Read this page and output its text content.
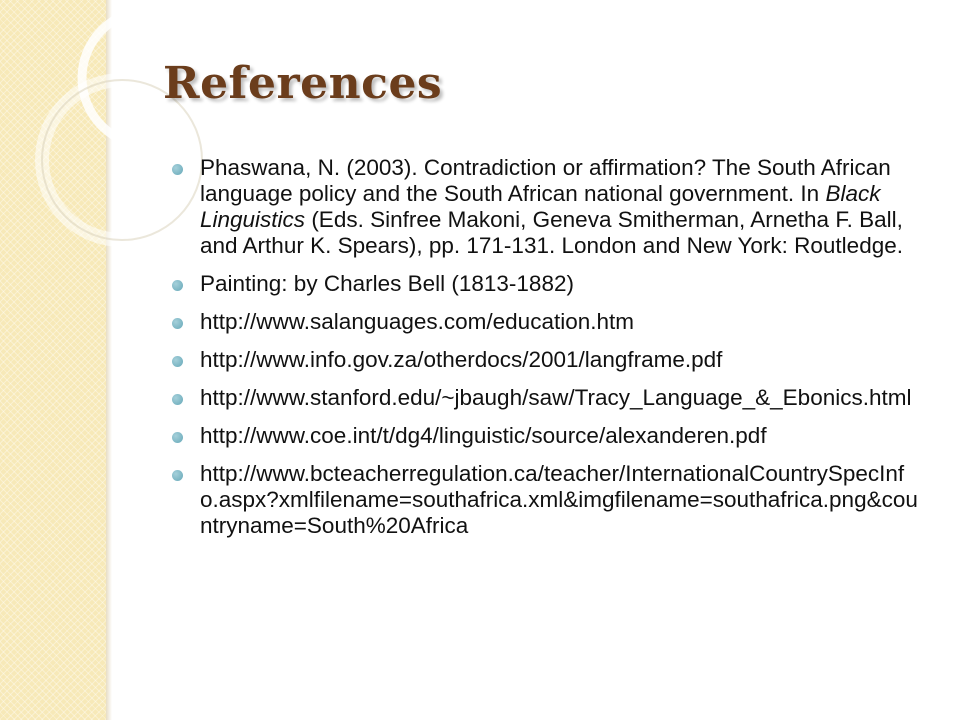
References
Phaswana, N. (2003). Contradiction or affirmation? The South African language policy and the South African national government. In Black Linguistics (Eds. Sinfree Makoni, Geneva Smitherman, Arnetha F. Ball, and Arthur K. Spears), pp. 171-131. London and New York: Routledge.
Painting: by Charles Bell (1813-1882)
http://www.salanguages.com/education.htm
http://www.info.gov.za/otherdocs/2001/langframe.pdf
http://www.stanford.edu/~jbaugh/saw/Tracy_Language_&_Ebonics.html
http://www.coe.int/t/dg4/linguistic/source/alexanderen.pdf
http://www.bcteacherregulation.ca/teacher/InternationalCountrySpecInfo.aspx?xmlfilename=southafrica.xml&imgfilename=southafrica.png&countryname=South%20Africa
